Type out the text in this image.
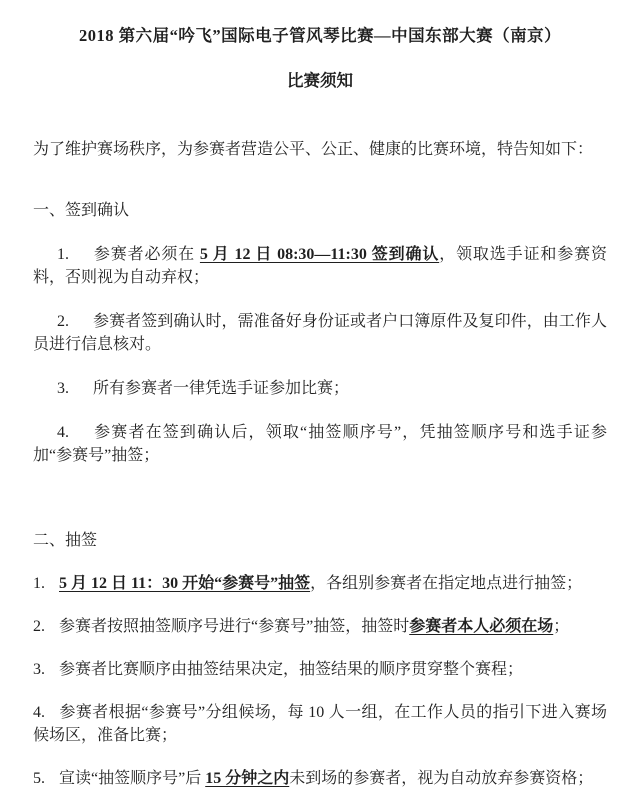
2018 第六届“吟飞”国际电子管风琴比赛—中国东部大赛（南京）

比赛须知

为了维护赛场秩序，为参赛者营造公平、公正、健康的比赛环境，特告知如下：

一、签到确认

1. 参赛者必须在 5 月 12 日 08:30—11:30 签到确认，领取选手证和参赛资料，否则视为自动弃权；

2. 参赛者签到确认时，需准备好身份证或者户口簿原件及复印件，由工作人员进行信息核对。

3. 所有参赛者一律凭选手证参加比赛；

4. 参赛者在签到确认后，领取“抽签顺序号”，凭抽签顺序号和选手证参加“参赛号”抽签；

二、抽签

1. 5 月 12 日 11：30 开始“参赛号”抽签，各组别参赛者在指定地点进行抽签；

2. 参赛者按照抽签顺序号进行“参赛号”抽签，抽签时参赛者本人必须在场；

3. 参赛者比赛顺序由抽签结果决定，抽签结果的顺序贯穿整个赛程；

4. 参赛者根据“参赛号”分组候场，每 10 人一组，在工作人员的指引下进入赛场候场区，准备比赛；

5. 宣读“抽签顺序号”后 15 分钟之内未到场的参赛者，视为自动放弃参赛资格；
